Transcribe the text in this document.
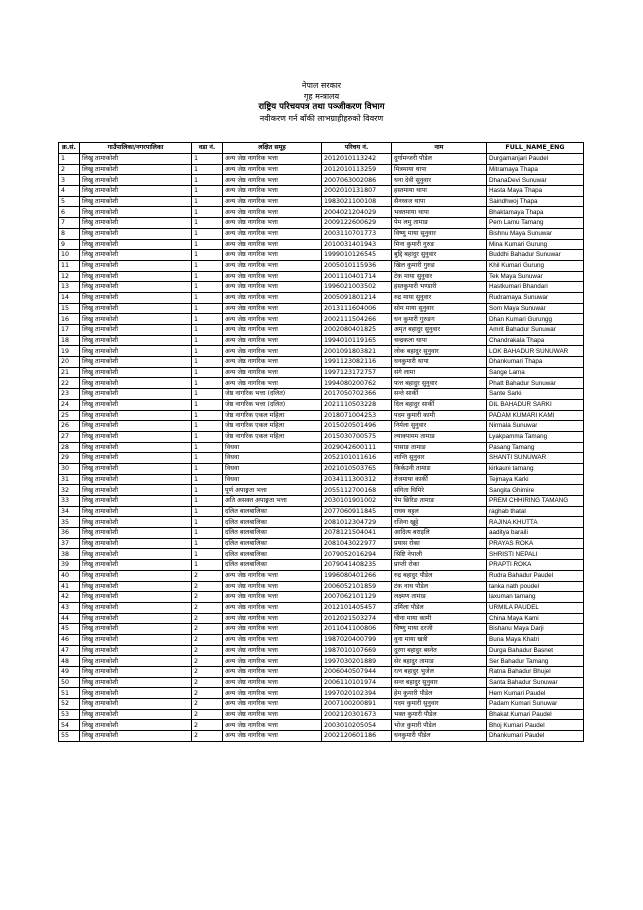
नेपाल सरकार
गृह मन्त्रालय
राष्ट्रिय परिचयपत्र तथा पञ्जीकरण विभाग
नवीकरण गर्न बाँकी लाभग्राहीहरुको विवरण
क्र.सं.	गाउँपालिका/नगरपालिका	वडा नं.	लक्षित समूह	परिचय नं.	नाम	FULL_NAME_ENG
1	लिखु तामाकोशी	1	अन्य जेष्ठ नागरिक भत्ता	2012010113242	दुर्गामन्जरी पौडेल	Durgamanjari Paudel
2	लिखु तामाकोशी	1	अन्य जेष्ठ नागरिक भत्ता	2012010113259	मित्रमाया थापा	Mitramaya Thapa
3	लिखु तामाकोशी	1	अन्य जेष्ठ नागरिक भत्ता	2007063002086	धना देवी सुनुवार	DhanaDevi Sunuwar
4	लिखु तामाकोशी	1	अन्य जेष्ठ नागरिक भत्ता	2002010131807	हस्तमाया थापा	Hasta Maya Thapa
5	लिखु तामाकोशी	1	अन्य जेष्ठ नागरिक भत्ता	1983021100108	सैनध्वज थापा	Saindhwoj Thapa
6	लिखु तामाकोशी	1	अन्य जेष्ठ नागरिक भत्ता	2004021204029	भक्तमाया थापा	Bhaktamaya Thapa
7	लिखु तामाकोशी	1	अन्य जेष्ठ नागरिक भत्ता	2009122600629	पेम लमु तामाङ	Pem Lamu Tamang
8	लिखु तामाकोशी	1	अन्य जेष्ठ नागरिक भत्ता	2003110701773	विष्णु माया सुनुवार	Bishnu Maya Sunuwar
9	लिखु तामाकोशी	1	अन्य जेष्ठ नागरिक भत्ता	2010031401943	मिना कुमारी गुरुङ	Mina Kumari Gurung
10	लिखु तामाकोशी	1	अन्य जेष्ठ नागरिक भत्ता	1999010126545	बुद्दि बहादुर सुनुवार	Buddhi Bahadur Sunuwar
11	लिखु तामाकोशी	1	अन्य जेष्ठ नागरिक भत्ता	2005010115936	खिल कुमारी गुरुङ	Khil Kumari Gurung
12	लिखु तामाकोशी	1	अन्य जेष्ठ नागरिक भत्ता	2001110401714	टेक माया सुनुवार	Tek Maya Sunuwar
13	लिखु तामाकोशी	1	अन्य जेष्ठ नागरिक भत्ता	1996021003502	हस्तकुमारी भण्डारी	Hastkumari Bhandari
14	लिखु तामाकोशी	1	अन्य जेष्ठ नागरिक भत्ता	2005091801214	रुद्र माया सुनुवार	Rudramaya Sunuwar
15	लिखु तामाकोशी	1	अन्य जेष्ठ नागरिक भत्ता	2013111604006	सोम माया सुनुवार	Som Maya Sunuwar
16	लिखु तामाकोशी	1	अन्य जेष्ठ नागरिक भत्ता	2002111504266	धन कुमारी गुरुङग	Dhan Kumari Gurungg
17	लिखु तामाकोशी	1	अन्य जेष्ठ नागरिक भत्ता	2002080401825	अमृत बहादुर सुनुवार	Amrit Bahadur Sunuwar
18	लिखु तामाकोशी	1	अन्य जेष्ठ नागरिक भत्ता	1994010119165	चन्द्रकला थापा	Chandrakala Thapa
19	लिखु तामाकोशी	1	अन्य जेष्ठ नागरिक भत्ता	2001091803821	लोक बहादुर सुनुवार	LOK BAHADUR SUNUWAR
20	लिखु तामाकोशी	1	अन्य जेष्ठ नागरिक भत्ता	1991123082116	धनकुमारी थापा	Dhankumari Thapa
21	लिखु तामाकोशी	1	अन्य जेष्ठ नागरिक भत्ता	1997123172757	संगे लामा	Sange Lama
22	लिखु तामाकोशी	1	अन्य जेष्ठ नागरिक भत्ता	1994080200762	फत्त बहादुर सुनुवार	Phatt Bahadur Sunuwar
23	लिखु तामाकोशी	1	जेष्ठ नागरिक भत्ता (दलित)	2017050702366	सन्ते सार्की	Sante Sarki
24	लिखु तामाकोशी	1	जेष्ठ नागरिक भत्ता (दलित)	2021110503228	दिल बहादुर सार्की	DIL BAHADUR SARKI
25	लिखु तामाकोशी	1	जेष्ठ नागरिक एकल महिला	2018071004253	पदम कुमारी कामी	PADAM KUMARI KAMI
26	लिखु तामाकोशी	1	जेष्ठ नागरिक एकल महिला	2015020501496	निर्मला सुनुवार	Nirmala Sunuwar
27	लिखु तामाकोशी	1	जेष्ठ नागरिक एकल महिला	2015030700575	ल्याक्पामम तामाङ	Lyakpamma Tamang
28	लिखु तामाकोशी	1	विधवा	2029042600111	पासाङ तामाङ	Pasang Tamang
29	लिखु तामाकोशी	1	विधवा	2052101011616	शान्ति सुनुवार	SHANTI SUNUWAR
30	लिखु तामाकोशी	1	विधवा	2021010503765	किर्कउनी तामाङ	kirkauni tamang
31	लिखु तामाकोशी	1	विधवा	2034111300312	तेजमाया कार्की	Tejmaya Karki
32	लिखु तामाकोशी	1	पूर्ण अपाङ्गता भत्ता	2055112700168	संगिता घिमिरे	Sangita Ghimire
33	लिखु तामाकोशी	1	अति असक्त अपाङ्गता भत्ता	2030101901002	पेम छिरिङ तामाङ	PREM CHHIRING TAMANG
34	लिखु तामाकोशी	1	दलित बालबालिका	2077060911845	राघव थट्टल	raghab thatal
35	लिखु तामाकोशी	1	दलित बालबालिका	2081012304729	रजिना खुट्टे	RAJINA KHUTTA
36	लिखु तामाकोशी	1	दलित बालबालिका	2078121504041	आदित्य बराइलि	aaditya baraili
37	लिखु तामाकोशी	1	दलित बालबालिका	2081043022977	प्रयास रोका	PRAYAS ROKA
38	लिखु तामाकोशी	1	दलित बालबालिका	2079052016294	श्रिष्टि नेपाली	SHRISTI NEPALI
39	लिखु तामाकोशी	1	दलित बालबालिका	2079041408235	प्राप्ती रोका	PRAPTI ROKA
40	लिखु तामाकोशी	2	अन्य जेष्ठ नागरिक भत्ता	1996080401266	रुद्र बहादुर पौडेल	Rudra Bahadur Paudel
41	लिखु तामाकोशी	2	अन्य जेष्ठ नागरिक भत्ता	2006052101859	टंक नाथ पौडेल	tanka nath poudel
42	लिखु तामाकोशी	2	अन्य जेष्ठ नागरिक भत्ता	2007062101129	लक्ष्मण तामाङ	laxuman tamang
43	लिखु तामाकोशी	2	अन्य जेष्ठ नागरिक भत्ता	2012101405457	उर्मिला पौडेल	URMILA PAUDEL
44	लिखु तामाकोशी	2	अन्य जेष्ठ नागरिक भत्ता	2012021503274	चीना माया कामी	China Maya Kami
45	लिखु तामाकोशी	2	अन्य जेष्ठ नागरिक भत्ता	2011041100806	विष्णु माया दरजी	Bishanu Maya Darji
46	लिखु तामाकोशी	2	अन्य जेष्ठ नागरिक भत्ता	1987020400799	वुना माया खत्री	Buna Maya Khatri
47	लिखु तामाकोशी	2	अन्य जेष्ठ नागरिक भत्ता	1987010107669	दुरगा बहादुर बस्नेत	Durga Bahadur Basnet
48	लिखु तामाकोशी	2	अन्य जेष्ठ नागरिक भत्ता	1997030201889	सेर बहादुर तामाङ	Ser Bahadur Tamang
49	लिखु तामाकोशी	2	अन्य जेष्ठ नागरिक भत्ता	2006040507944	रत्न बहादुर भुजेल	Ratna Bahadur Bhujel
50	लिखु तामाकोशी	2	अन्य जेष्ठ नागरिक भत्ता	2006110101974	सन्त बहादुर सुनुवार	Santa Bahadur Sunuwar
51	लिखु तामाकोशी	2	अन्य जेष्ठ नागरिक भत्ता	1997020102394	हेम कुमारी पौडेल	Hem Kumari Paudel
52	लिखु तामाकोशी	2	अन्य जेष्ठ नागरिक भत्ता	2007100200891	पदम कुमारी सुनुवार	Padam Kumari Sunuwar
53	लिखु तामाकोशी	2	अन्य जेष्ठ नागरिक भत्ता	2002120301673	भक्त कुमारी पौडेल	Bhakat Kumari Paudel
54	लिखु तामाकोशी	2	अन्य जेष्ठ नागरिक भत्ता	2003010205054	भोज कुमारी पौडेल	Bhoj Kumari Paudel
55	लिखु तामाकोशी	2	अन्य जेष्ठ नागरिक भत्ता	2002120601186	धनकुमारी पौडेल	Dhankumari Paudel
